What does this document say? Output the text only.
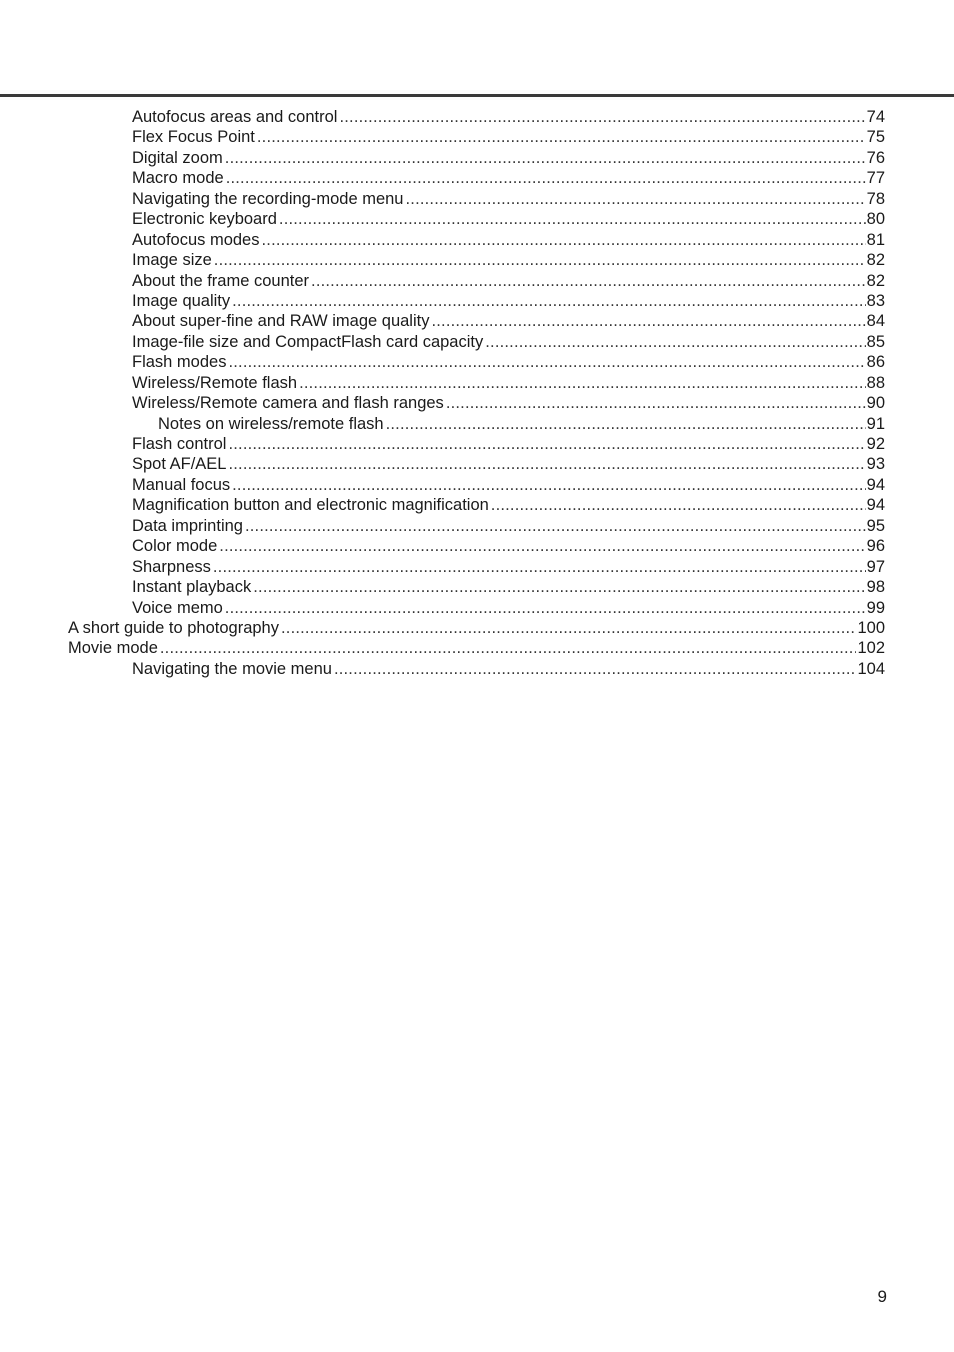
Autofocus areas and control .....	74
Flex Focus Point .....	75
Digital zoom .....	76
Macro mode .....	77
Navigating the recording-mode menu .....	78
Electronic keyboard .....	80
Autofocus modes .....	81
Image size .....	82
About the frame counter .....	82
Image quality .....	83
About super-fine and RAW image quality .....	84
Image-file size and CompactFlash card capacity .....	85
Flash modes .....	86
Wireless/Remote flash .....	88
Wireless/Remote camera and flash ranges .....	90
Notes on wireless/remote flash .....	91
Flash control .....	92
Spot AF/AEL .....	93
Manual focus .....	94
Magnification button and electronic magnification .....	94
Data imprinting .....	95
Color mode .....	96
Sharpness .....	97
Instant playback .....	98
Voice memo .....	99
A short guide to photography .....	100
Movie mode .....	102
Navigating the movie menu .....	104
9
